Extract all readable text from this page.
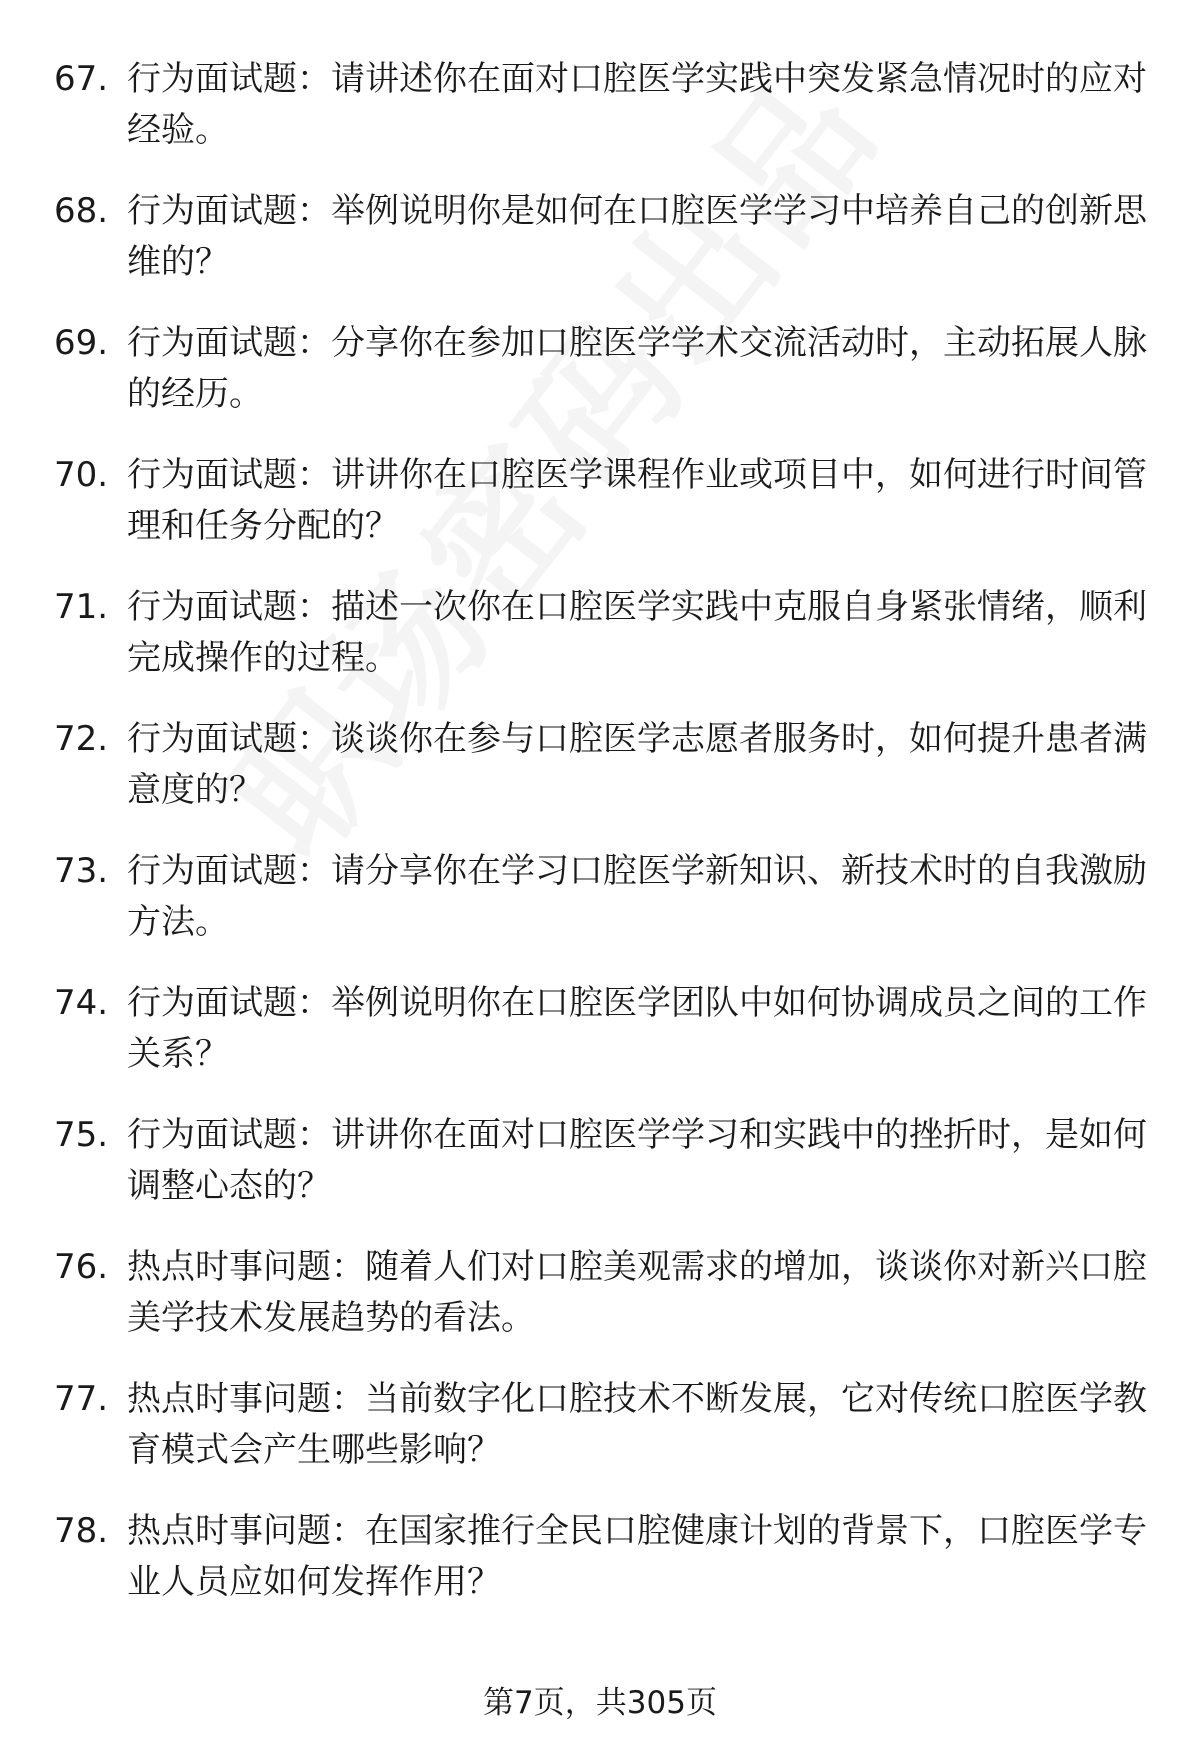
67. 行为面试题：请讲述你在面对口腔医学实践中突发紧急情况时的应对经验。

68. 行为面试题：举例说明你是如何在口腔医学学习中培养自己的创新思维的？

69. 行为面试题：分享你在参加口腔医学学术交流活动时，主动拓展人脉的经历。

70. 行为面试题：讲讲你在口腔医学课程作业或项目中，如何进行时间管理和任务分配的？

71. 行为面试题：描述一次你在口腔医学实践中克服自身紧张情绪，顺利完成操作的过程。

72. 行为面试题：谈谈你在参与口腔医学志愿者服务时，如何提升患者满意度的？

73. 行为面试题：请分享你在学习口腔医学新知识、新技术时的自我激励方法。

74. 行为面试题：举例说明你在口腔医学团队中如何协调成员之间的工作关系？

75. 行为面试题：讲讲你在面对口腔医学学习和实践中的挫折时，是如何调整心态的？

76. 热点时事问题：随着人们对口腔美观需求的增加，谈谈你对新兴口腔美学技术发展趋势的看法。

77. 热点时事问题：当前数字化口腔技术不断发展，它对传统口腔医学教育模式会产生哪些影响？

78. 热点时事问题：在国家推行全民口腔健康计划的背景下，口腔医学专业人员应如何发挥作用？

第7页，共305页
